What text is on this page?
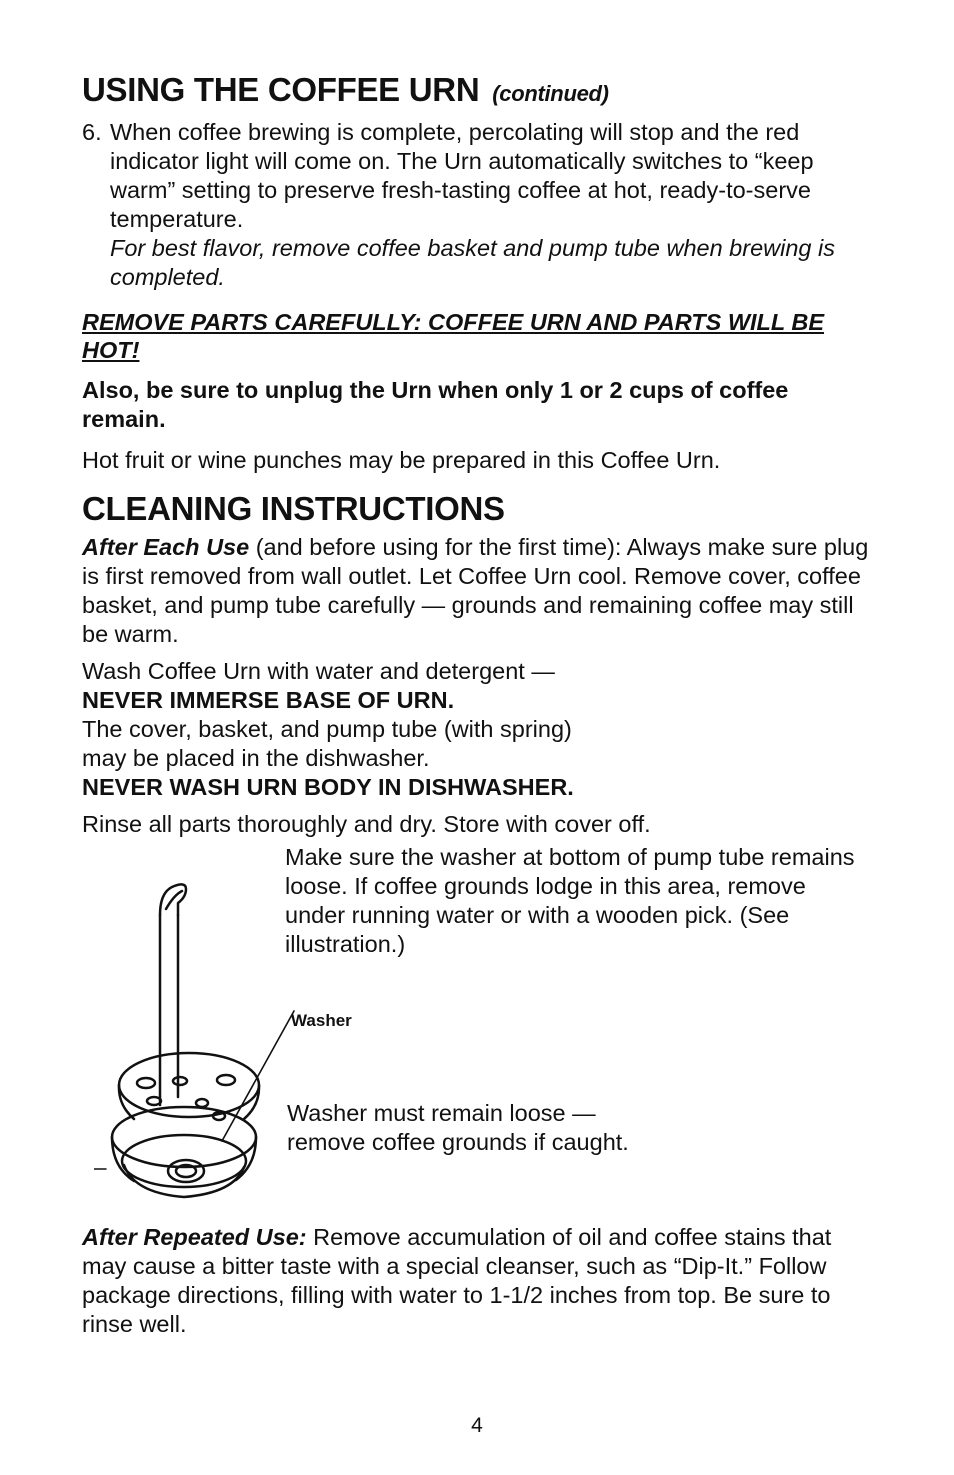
USING THE COFFEE URN (continued)
6. When coffee brewing is complete, percolating will stop and the red indicator light will come on. The Urn automatically switches to “keep warm” setting to preserve fresh-tasting coffee at hot, ready-to-serve temperature.

For best flavor, remove coffee basket and pump tube when brewing is completed.

REMOVE PARTS CAREFULLY: COFFEE URN AND PARTS WILL BE HOT!

Also, be sure to unplug the Urn when only 1 or 2 cups of coffee remain.

Hot fruit or wine punches may be prepared in this Coffee Urn.

CLEANING INSTRUCTIONS

After Each Use (and before using for the first time): Always make sure plug is first removed from wall outlet. Let Coffee Urn cool. Remove cover, coffee basket, and pump tube carefully — grounds and remaining coffee may still be warm.

Wash Coffee Urn with water and detergent —

NEVER IMMERSE BASE OF URN.

The cover, basket, and pump tube (with spring)

may be placed in the dishwasher.

NEVER WASH URN BODY IN DISHWASHER.

Rinse all parts thoroughly and dry. Store with cover off.

Make sure the washer at bottom of pump tube remains loose. If coffee grounds lodge in this area, remove under running water or with a wooden pick. (See illustration.)
Washer
Washer must remain loose —
remove coffee grounds if caught.

After Repeated Use: Remove accumulation of oil and coffee stains that may cause a bitter taste with a special cleanser, such as “Dip-It.” Follow package directions, filling with water to 1-1/2 inches from top. Be sure to rinse well.

4
